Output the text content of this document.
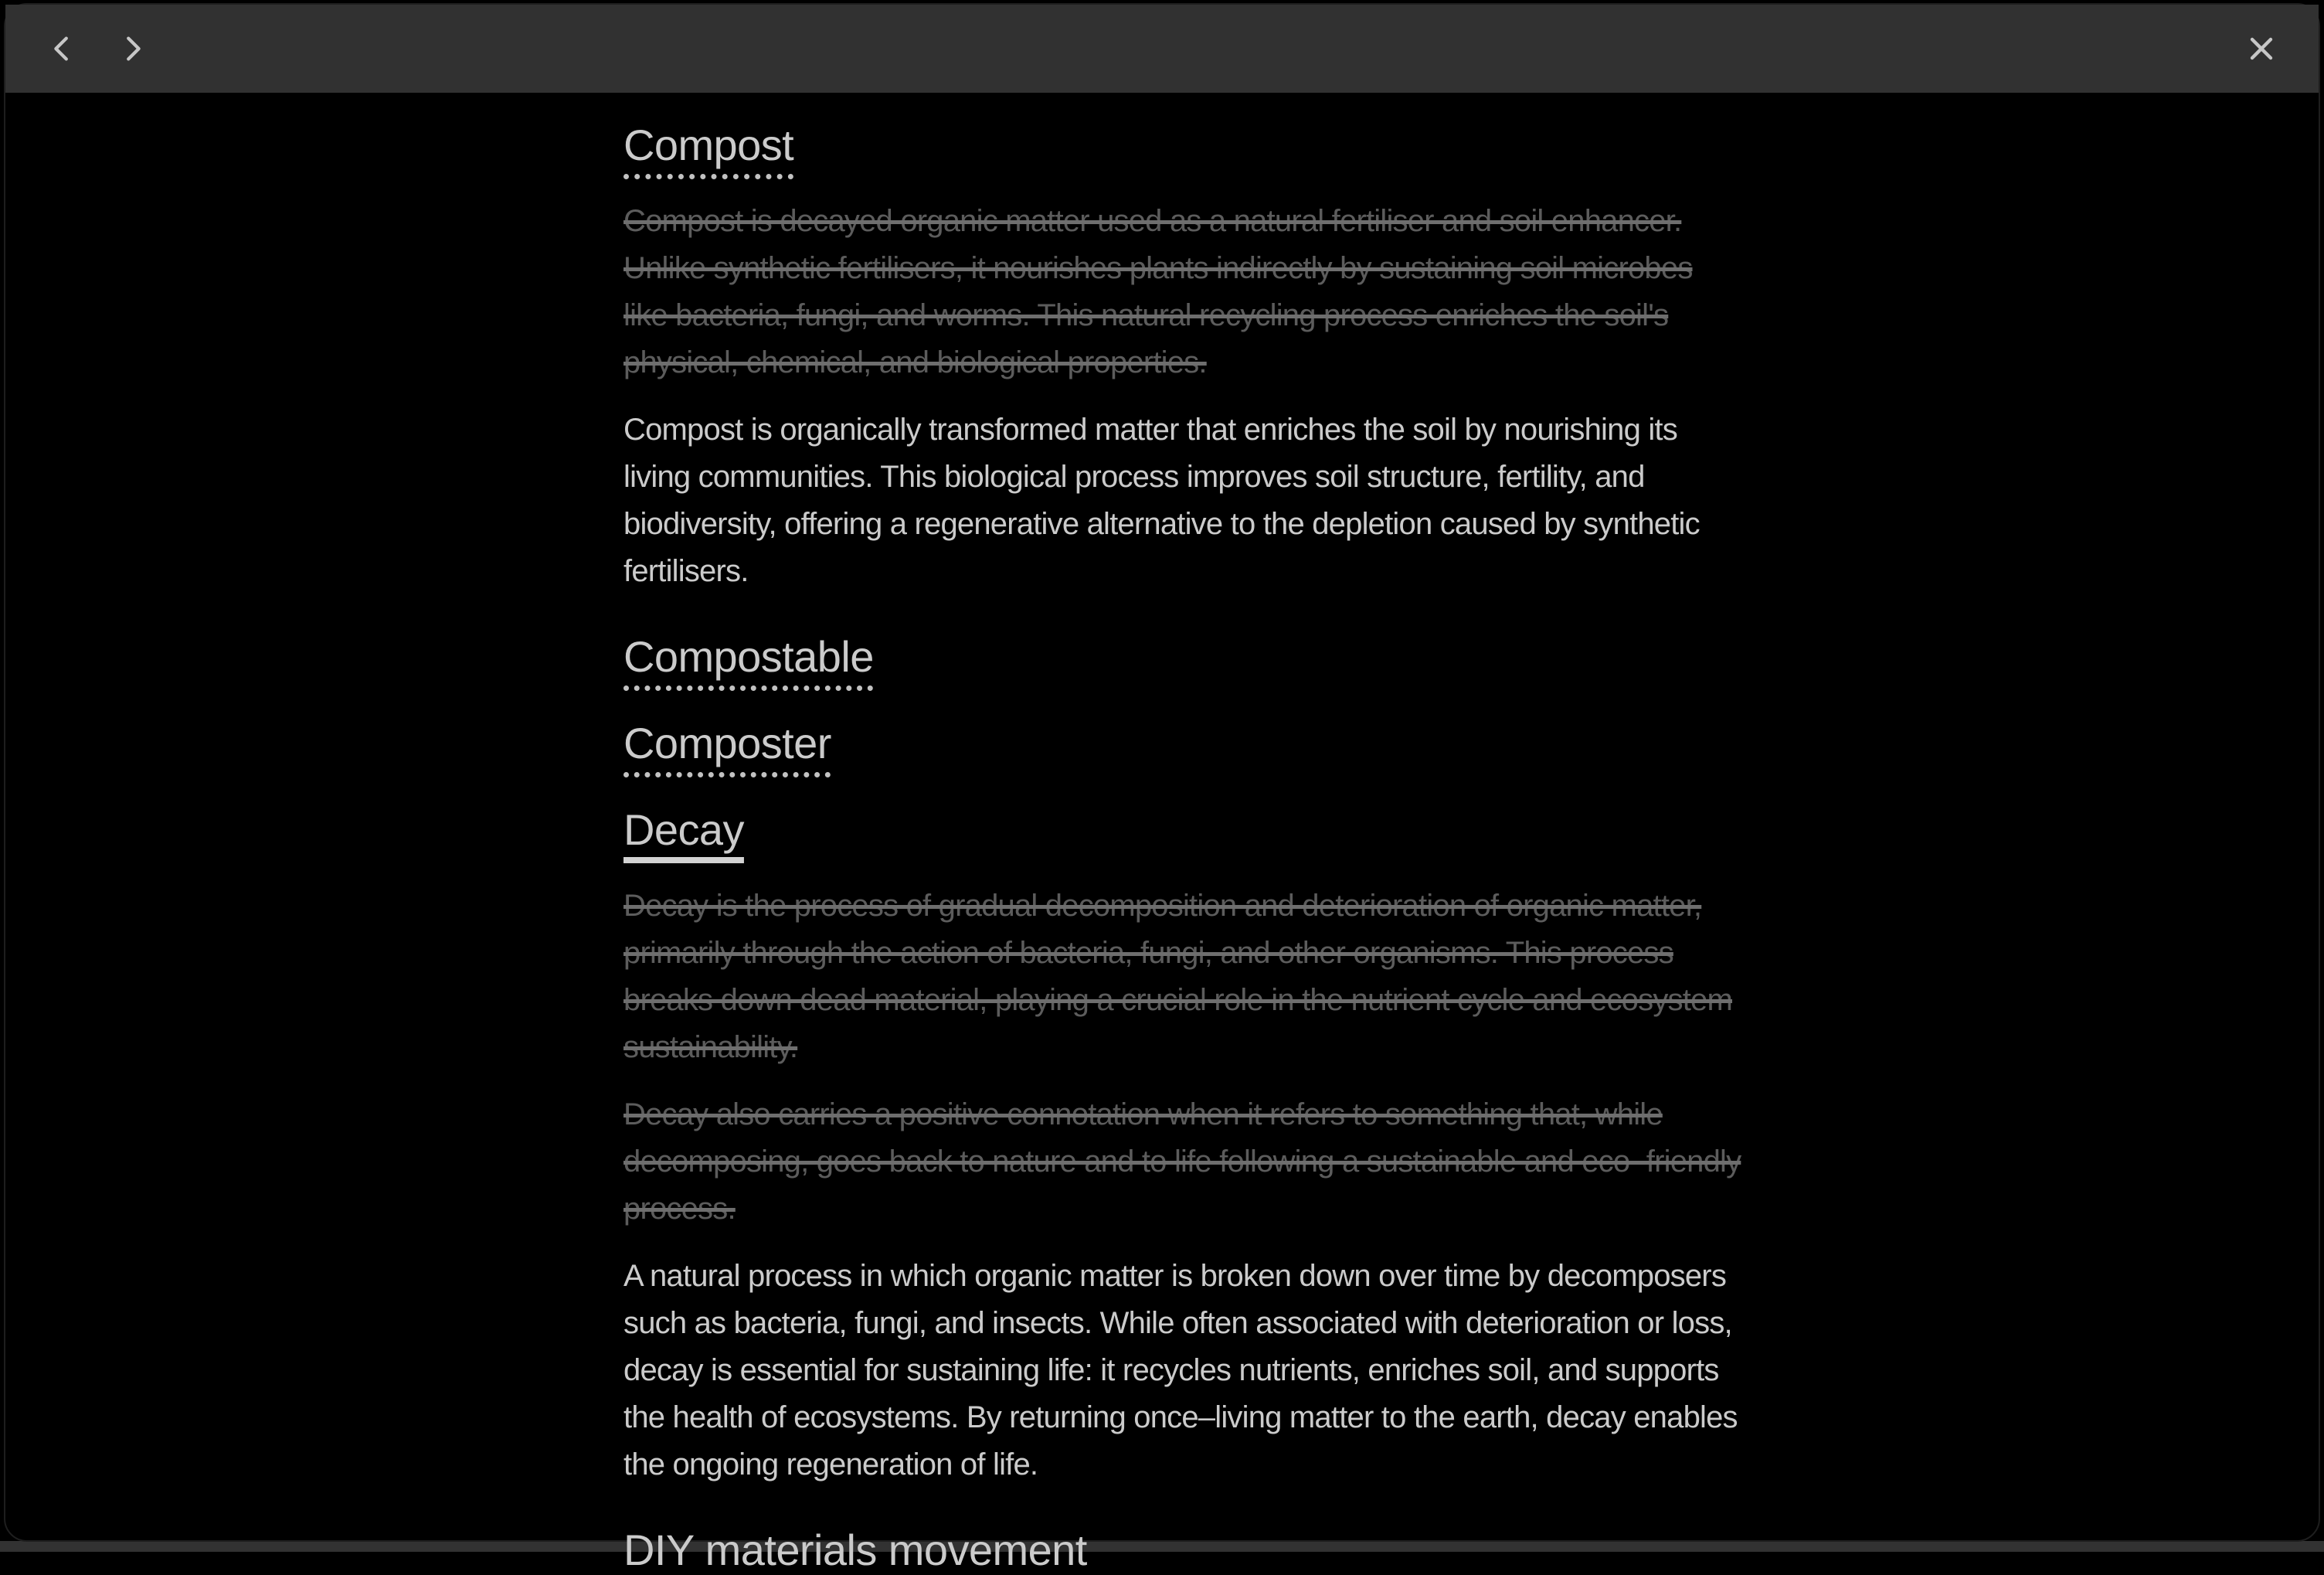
Compost

Compost is decayed organic matter used as a natural fertiliser and soil enhancer.
Unlike synthetic fertilisers, it nourishes plants indirectly by sustaining soil microbes
like bacteria, fungi, and worms. This natural recycling process enriches the soil's
physical, chemical, and biological properties.

Compost is organically transformed matter that enriches the soil by nourishing its
living communities. This biological process improves soil structure, fertility, and
biodiversity, offering a regenerative alternative to the depletion caused by synthetic
fertilisers.

Compostable
Composter
Decay

Decay is the process of gradual decomposition and deterioration of organic matter,
primarily through the action of bacteria, fungi, and other organisms. This process
breaks down dead material, playing a crucial role in the nutrient cycle and ecosystem
sustainability.

Decay also carries a positive connotation when it refers to something that, while
decomposing, goes back to nature and to life following a sustainable and eco–friendly
process.

A natural process in which organic matter is broken down over time by decomposers
such as bacteria, fungi, and insects. While often associated with deterioration or loss,
decay is essential for sustaining life: it recycles nutrients, enriches soil, and supports
the health of ecosystems. By returning once–living matter to the earth, decay enables
the ongoing regeneration of life.

DIY materials movement
